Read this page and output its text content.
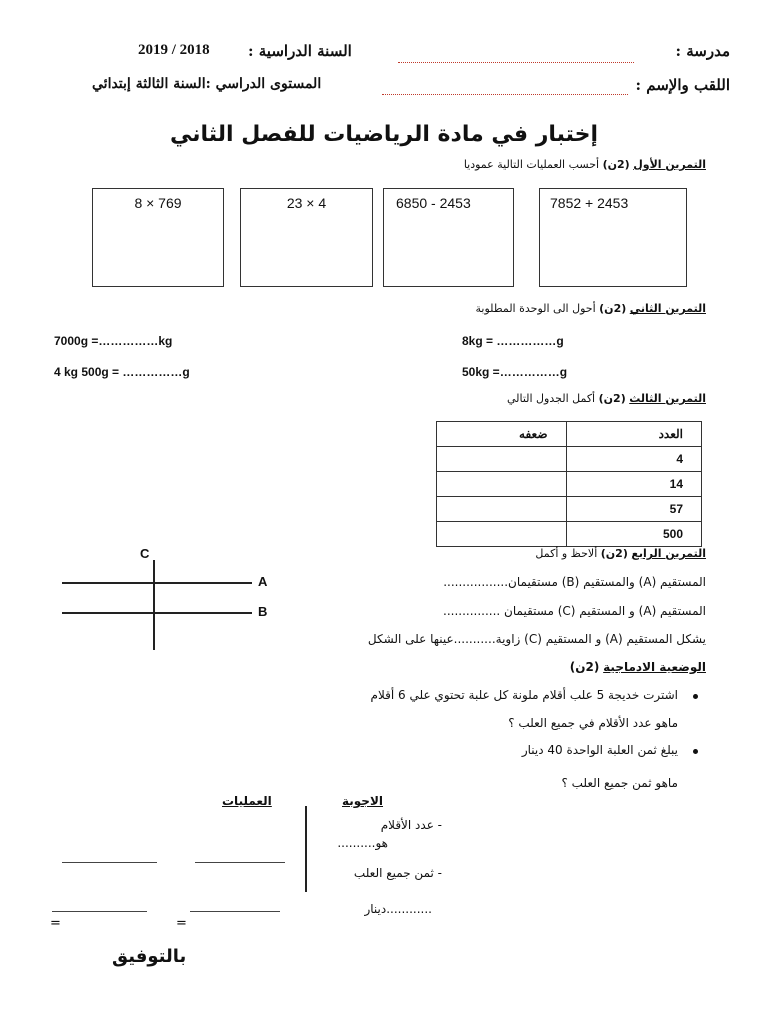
مدرسة :
السنة الدراسية :
2019 / 2018
اللقب والإسم :
المستوى الدراسي :السنة الثالثة إبتدائي
إختبار في مادة الرياضيات للفصل الثاني
التمرين الأول (2ن) أحسب العمليات التالية عموديا
7852 + 2453
6850 - 2453
23 × 4
8 × 769
التمرين الثاني (2ن) أحول الى الوحدة المطلوبة
7000g =……………kg	8kg = ……………g
4 kg 500g = ……………g	50kg =……………g
التمرين الثالث (2ن) أكمل الجدول التالي
ضعفه	العدد
	4
	14
	57
	500
التمرين الرابع (2ن) ألاحظ و أكمل
C
A
B
المستقيم (A) والمستقيم (B) مستقيمان.................
المستقيم (A) و المستقيم (C) مستقيمان ...............
يشكل المستقيم (A) و المستقيم (C) زاوية...........عينها على الشكل
الوضعية الادماجية (2ن)
اشترت خديجة 5 علب أقلام ملونة كل علبة تحتوي علي 6 أقلام
ماهو عدد الأقلام في جميع العلب ؟
يبلغ ثمن العلبة الواحدة 40 دينار
ماهو ثمن جميع العلب ؟
الاجوبة
العمليات
- عدد الأقلام
هو..........
- ثمن جميع العلب
............دينار
=	=
بالتوفيق
